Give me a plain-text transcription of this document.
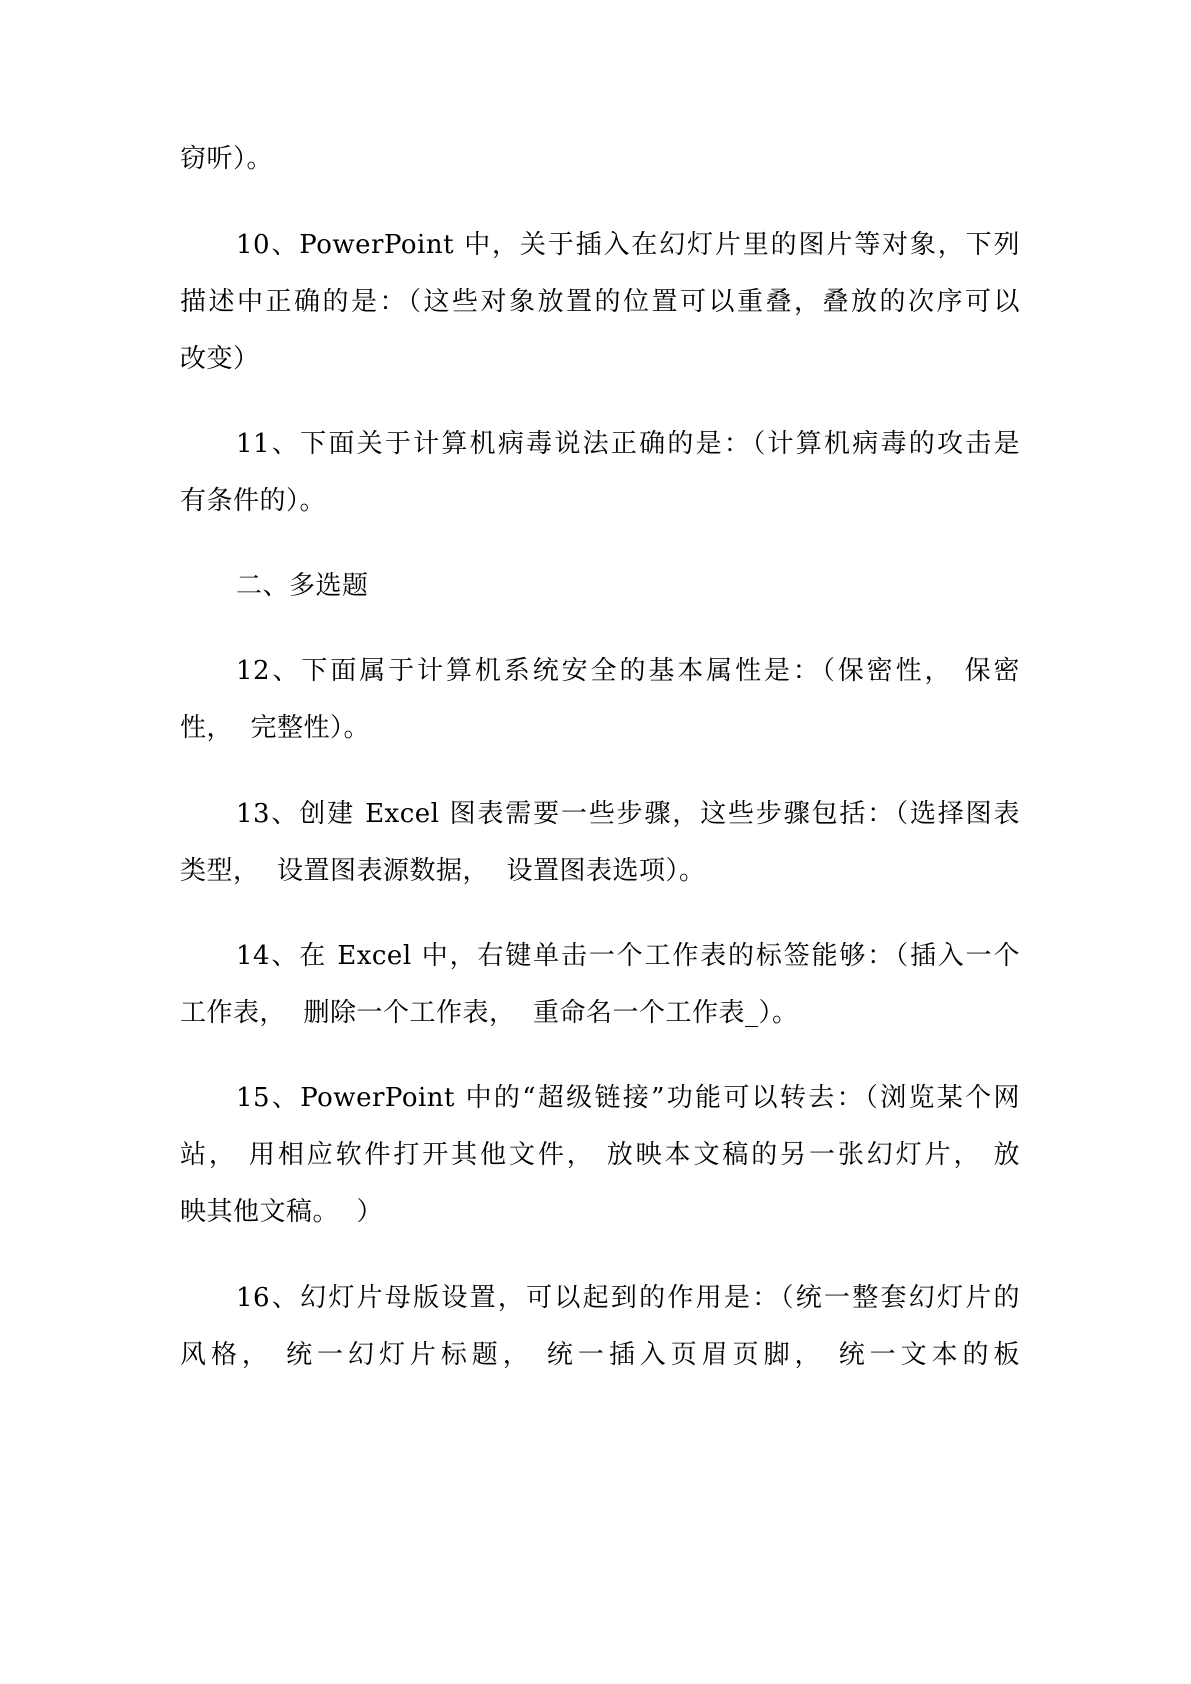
窃听）。
10、PowerPoint 中，关于插入在幻灯片里的图片等对象，下列
描述中正确的是：（这些对象放置的位置可以重叠，叠放的次序可以
改变）
11、下面关于计算机病毒说法正确的是：（计算机病毒的攻击是
有条件的）。
二、多选题
12、下面属于计算机系统安全的基本属性是：（保密性， 保密
性，  完整性）。
13、创建 Excel 图表需要一些步骤，这些步骤包括：（选择图表
类型，  设置图表源数据，  设置图表选项）。
14、在 Excel 中，右键单击一个工作表的标签能够：（插入一个
工作表，  删除一个工作表，  重命名一个工作表_）。
15、PowerPoint 中的“超级链接”功能可以转去：（浏览某个网
站， 用相应软件打开其他文件， 放映本文稿的另一张幻灯片， 放
映其他文稿。  ）
16、幻灯片母版设置，可以起到的作用是：（统一整套幻灯片的
风格， 统一幻灯片标题， 统一插入页眉页脚， 统一文本的板
